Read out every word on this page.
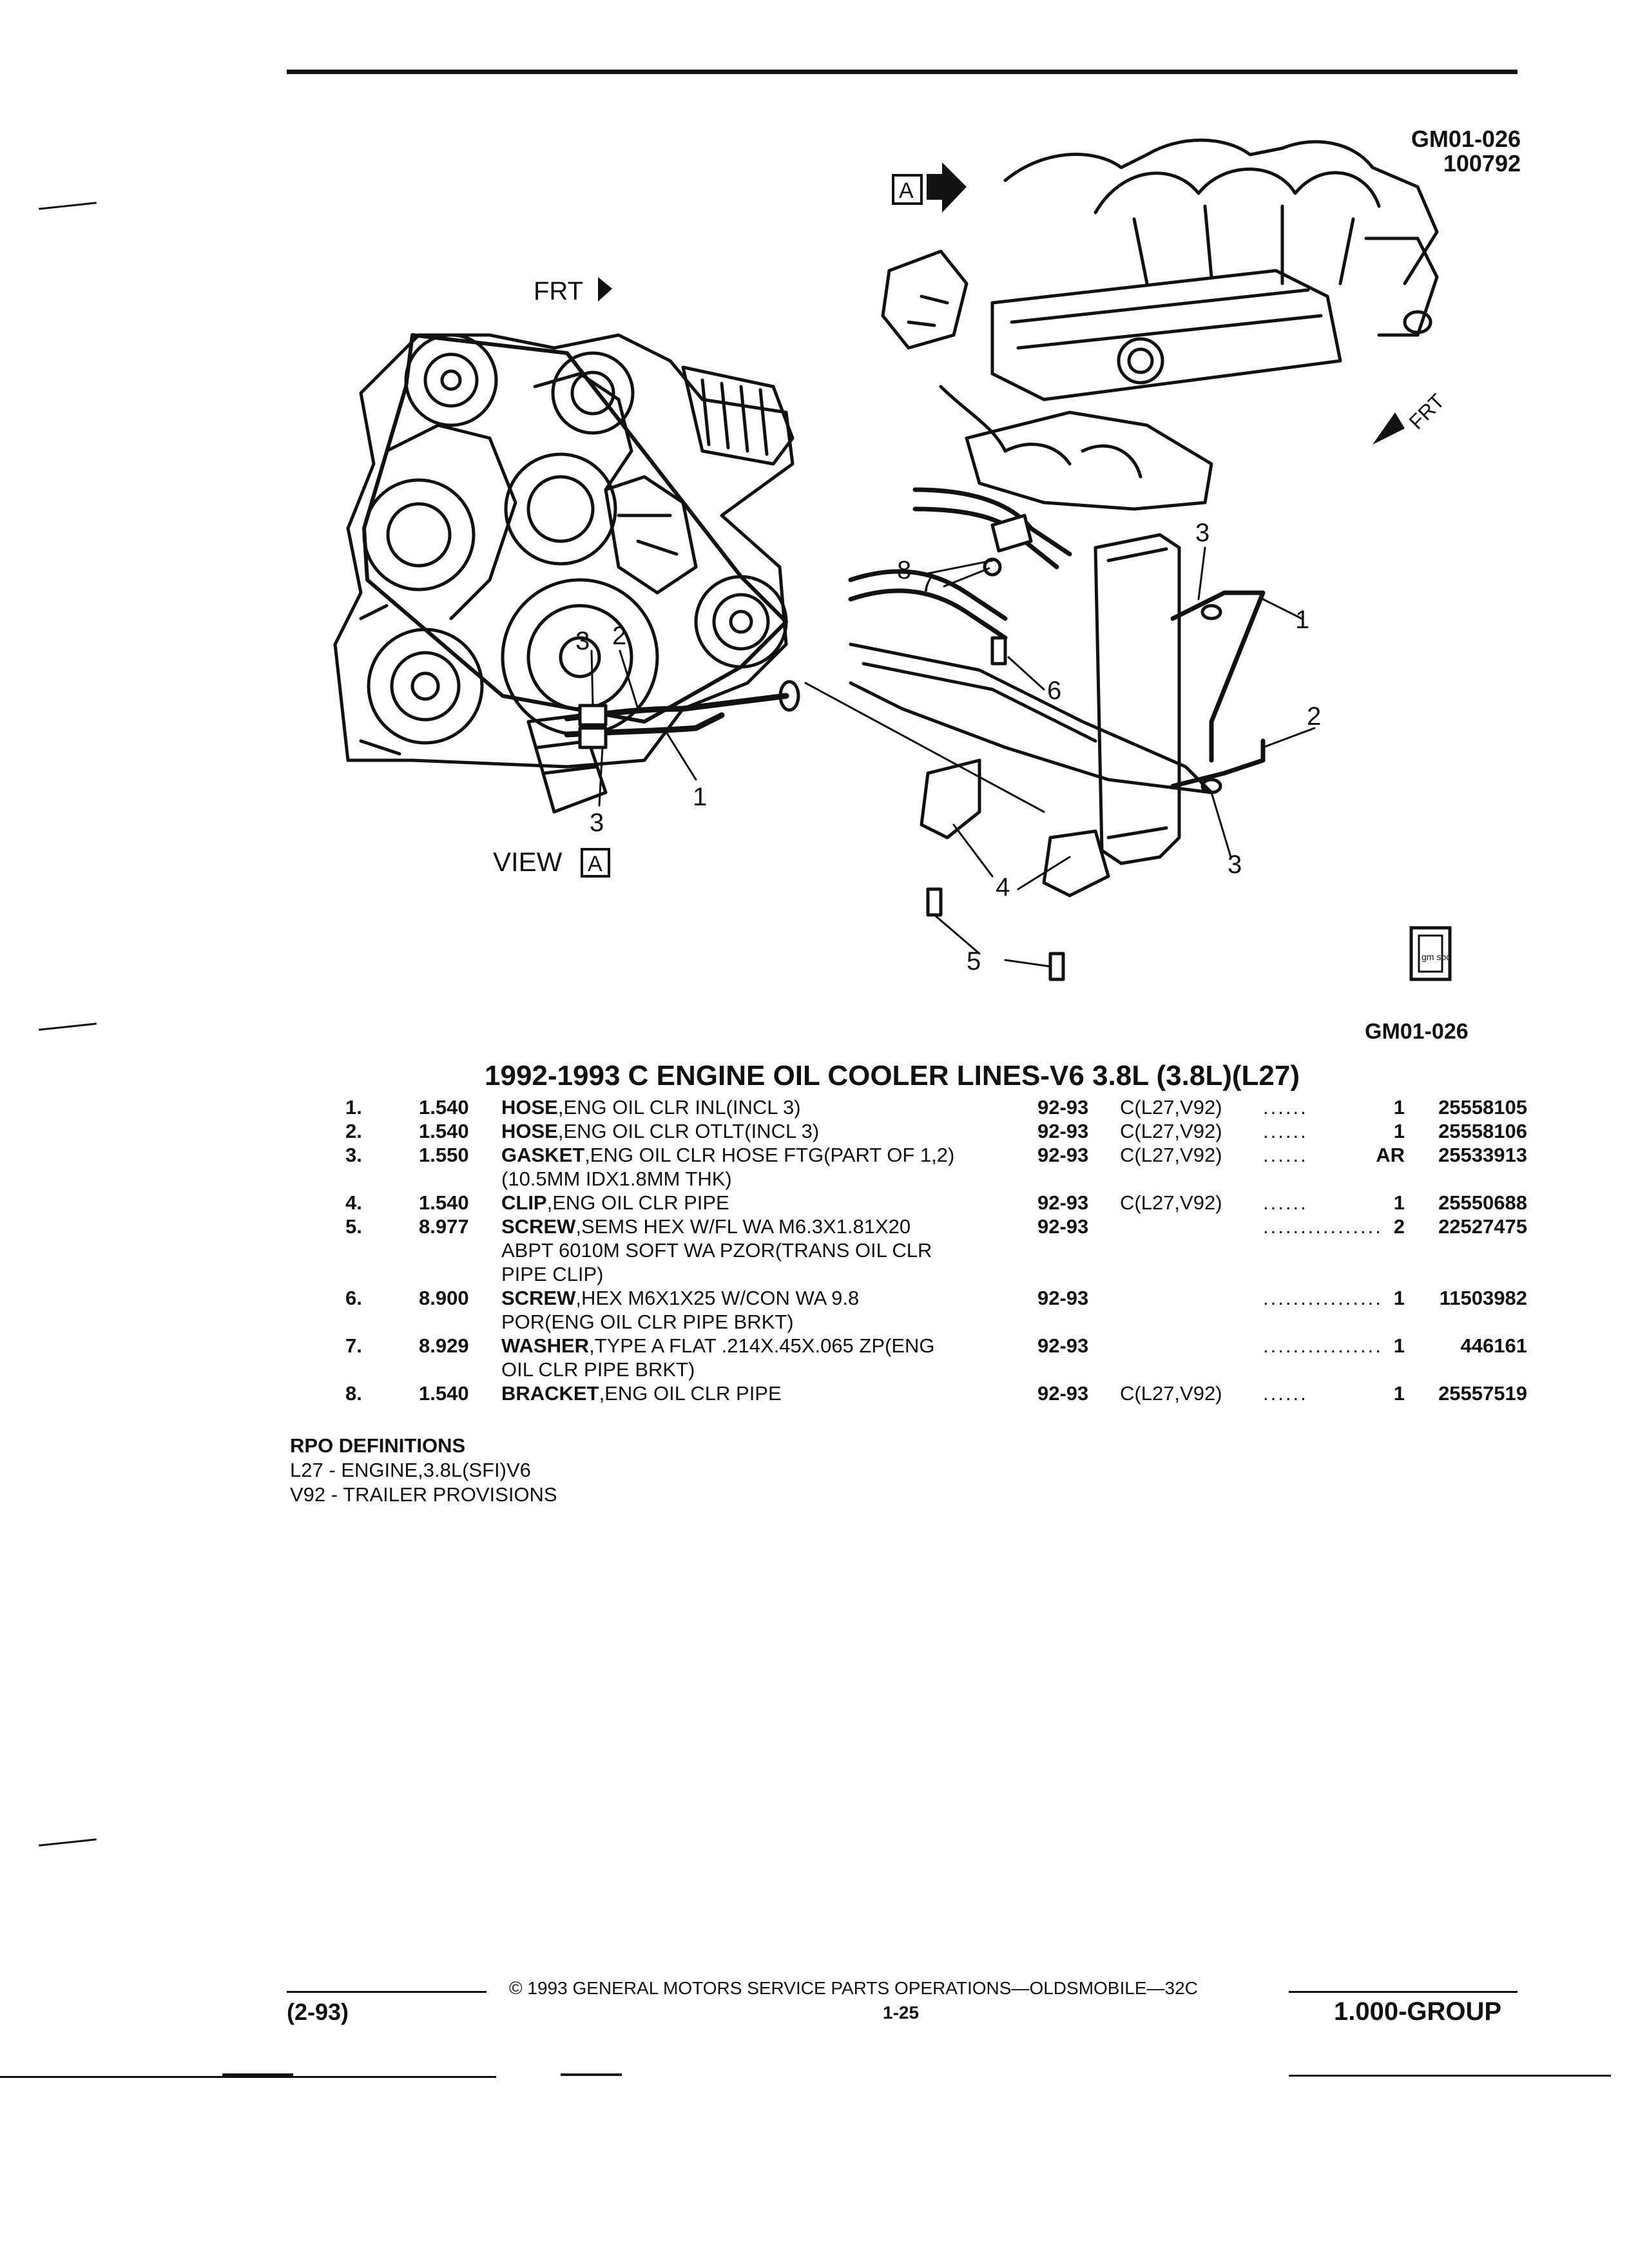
GM01-026
100792
3 2
3
1
8 7
3
1
6
2
4
3
5
FRT
FRT
VIEW A
A
gm spo
GM01-026
1992-1993 C ENGINE OIL COOLER LINES-V6 3.8L (3.8L)(L27)
1.	1.540	92-93 C(L27,V92) ......	1	25558105
HOSE,ENG OIL CLR INL(INCL 3)
2.	1.540	92-93 C(L27,V92) ......	1	25558106
HOSE,ENG OIL CLR OTLT(INCL 3)
3.	1.550	92-93 C(L27,V92) ......	AR	25533913
GASKET,ENG OIL CLR HOSE FTG(PART OF 1,2)
(10.5MM IDX1.8MM THK)
4.	1.540	92-93 C(L27,V92) ......	1	25550688
CLIP,ENG OIL CLR PIPE
5.	8.977	92-93	................ 2	22527475
SCREW,SEMS HEX W/FL WA M6.3X1.81X20
ABPT 6010M SOFT WA PZOR(TRANS OIL CLR
PIPE CLIP)
6.	8.900	92-93	................ 1	11503982
SCREW,HEX M6X1X25 W/CON WA 9.8
POR(ENG OIL CLR PIPE BRKT)
7.	8.929	92-93	................ 1	446161
WASHER,TYPE A FLAT .214X.45X.065 ZP(ENG
OIL CLR PIPE BRKT)
8.	1.540	92-93 C(L27,V92) ......	1	25557519
BRACKET,ENG OIL CLR PIPE
RPO DEFINITIONS
L27 - ENGINE,3.8L(SFI)V6
V92 - TRAILER PROVISIONS
© 1993 GENERAL MOTORS SERVICE PARTS OPERATIONS—OLDSMOBILE—32C
(2-93)	1-25	1.000-GROUP
